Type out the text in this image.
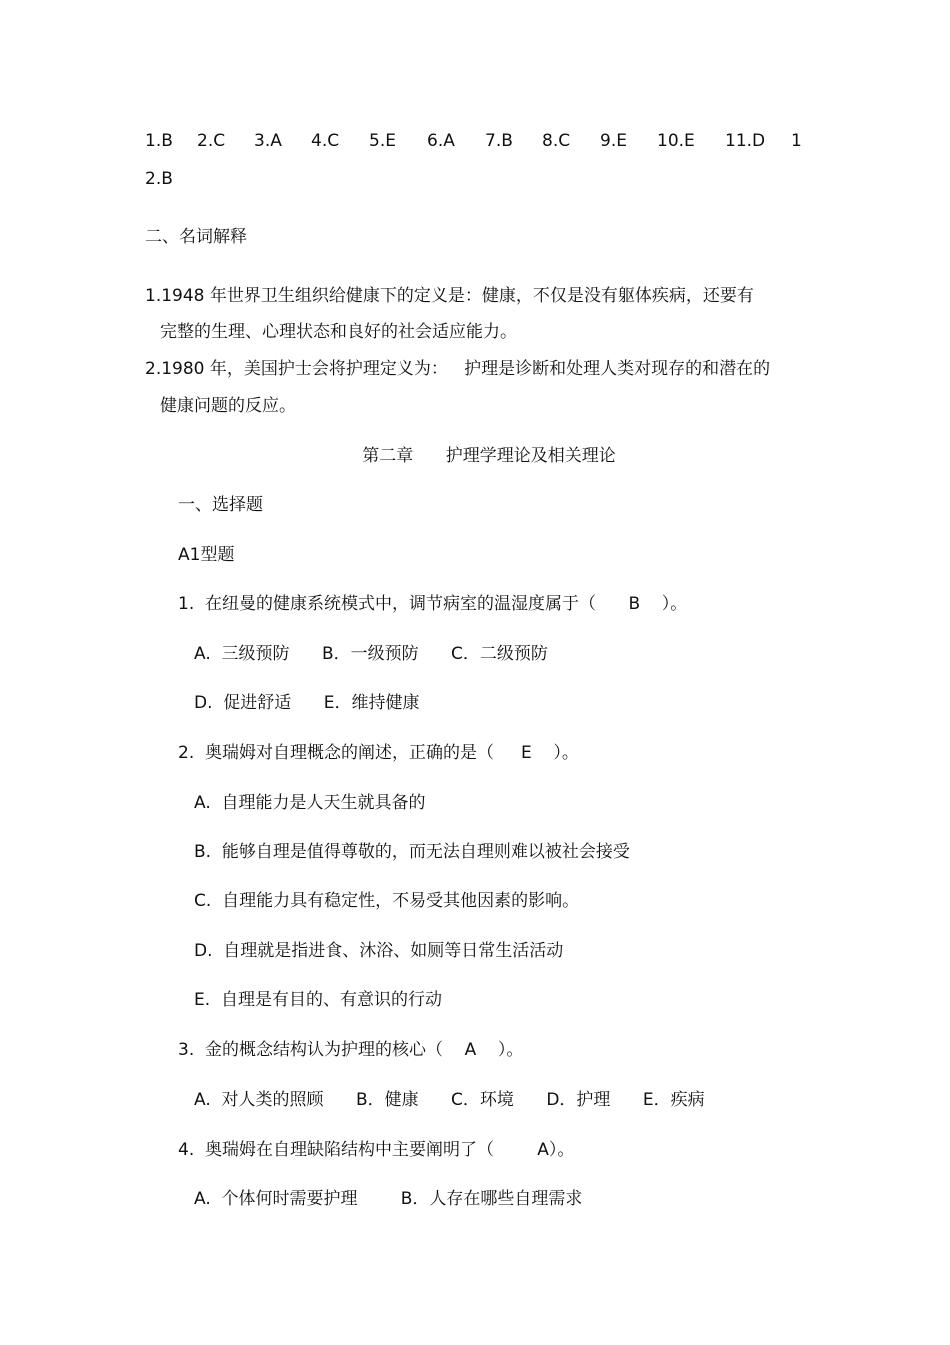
1.B 2.C 3.A 4.C 5.E 6.A 7.B 8.C 9.E 10.E 11.D 1
2.B
二、名词解释
1.1948 年世界卫生组织给健康下的定义是：健康，不仅是没有躯体疾病，还要有
完整的生理、心理状态和良好的社会适应能力。
2.1980 年，美国护士会将护理定义为：   护理是诊断和处理人类对现存的和潜在的
健康问题的反应。
第二章      护理学理论及相关理论
一、选择题
A1型题
1.  在纽曼的健康系统模式中，调节病室的温湿度属于（      B    ）。
A.  三级预防      B．一级预防      C．二级预防
D.  促进舒适      E．维持健康
2.  奥瑞姆对自理概念的阐述，正确的是（     E    ）。
A.  自理能力是人天生就具备的
B.  能够自理是值得尊敬的，而无法自理则难以被社会接受
C.  自理能力具有稳定性，不易受其他因素的影响。
D.  自理就是指进食、沐浴、如厕等日常生活活动
E.  自理是有目的、有意识的行动
3.  金的概念结构认为护理的核心（    A    ）。
A.  对人类的照顾      B．健康      C．环境      D．护理      E．疾病
4.  奥瑞姆在自理缺陷结构中主要阐明了（        A）。
A.  个体何时需要护理        B．人存在哪些自理需求
